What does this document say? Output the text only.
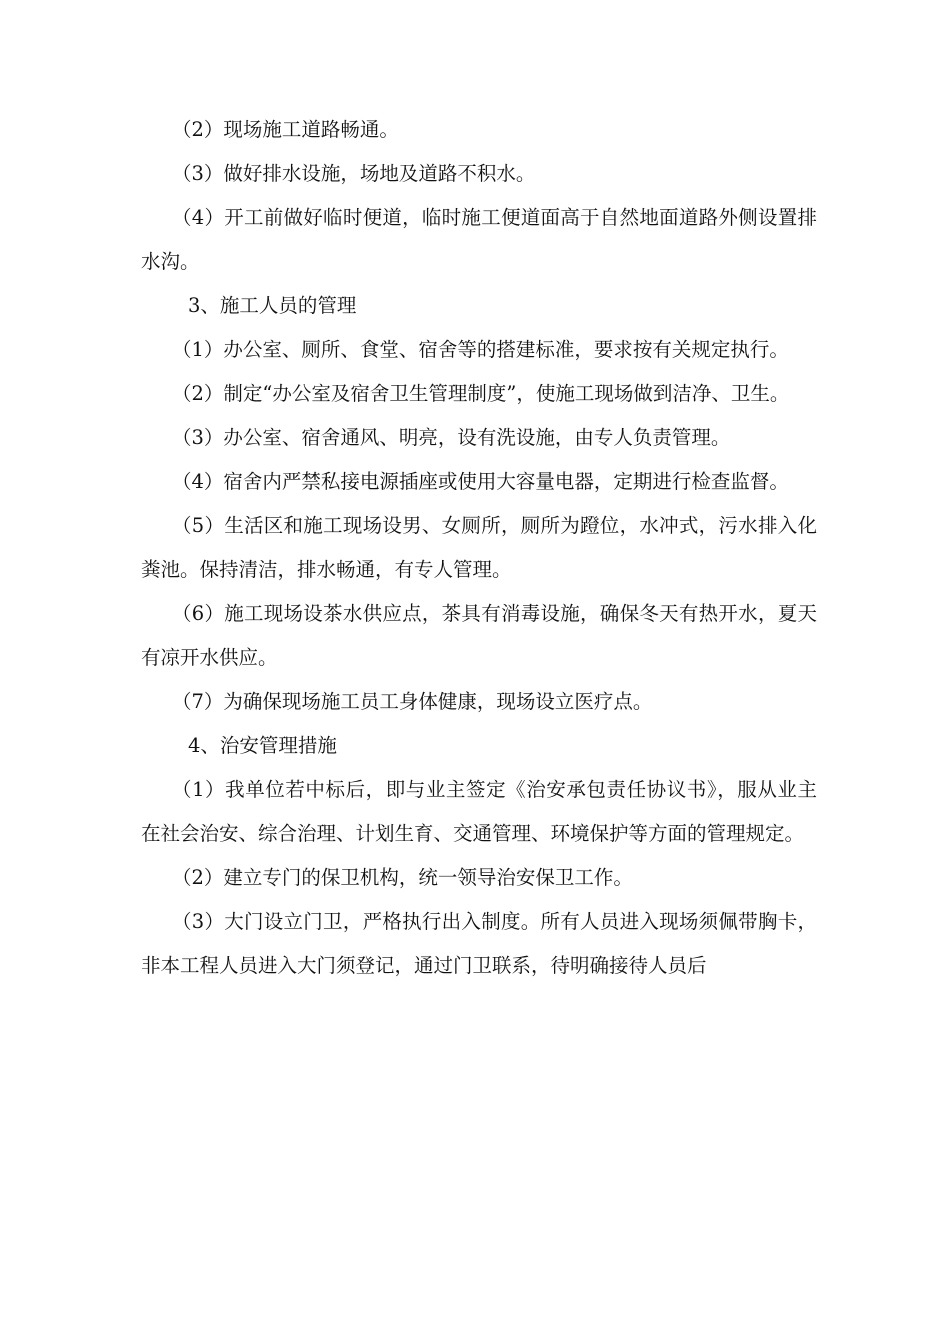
（2）现场施工道路畅通。

（3）做好排水设施，场地及道路不积水。

（4）开工前做好临时便道，临时施工便道面高于自然地面道路外侧设置排水沟。

3、施工人员的管理

（1）办公室、厕所、食堂、宿舍等的搭建标准，要求按有关规定执行。

（2）制定“办公室及宿舍卫生管理制度”，使施工现场做到洁净、卫生。

（3）办公室、宿舍通风、明亮，设有洗设施，由专人负责管理。

（4）宿舍内严禁私接电源插座或使用大容量电器，定期进行检查监督。

（5）生活区和施工现场设男、女厕所，厕所为蹬位，水冲式，污水排入化粪池。保持清洁，排水畅通，有专人管理。

（6）施工现场设茶水供应点，茶具有消毒设施，确保冬天有热开水，夏天有凉开水供应。

（7）为确保现场施工员工身体健康，现场设立医疗点。

4、治安管理措施

（1）我单位若中标后，即与业主签定《治安承包责任协议书》，服从业主在社会治安、综合治理、计划生育、交通管理、环境保护等方面的管理规定。

（2）建立专门的保卫机构，统一领导治安保卫工作。

（3）大门设立门卫，严格执行出入制度。所有人员进入现场须佩带胸卡，非本工程人员进入大门须登记，通过门卫联系，待明确接待人员后
